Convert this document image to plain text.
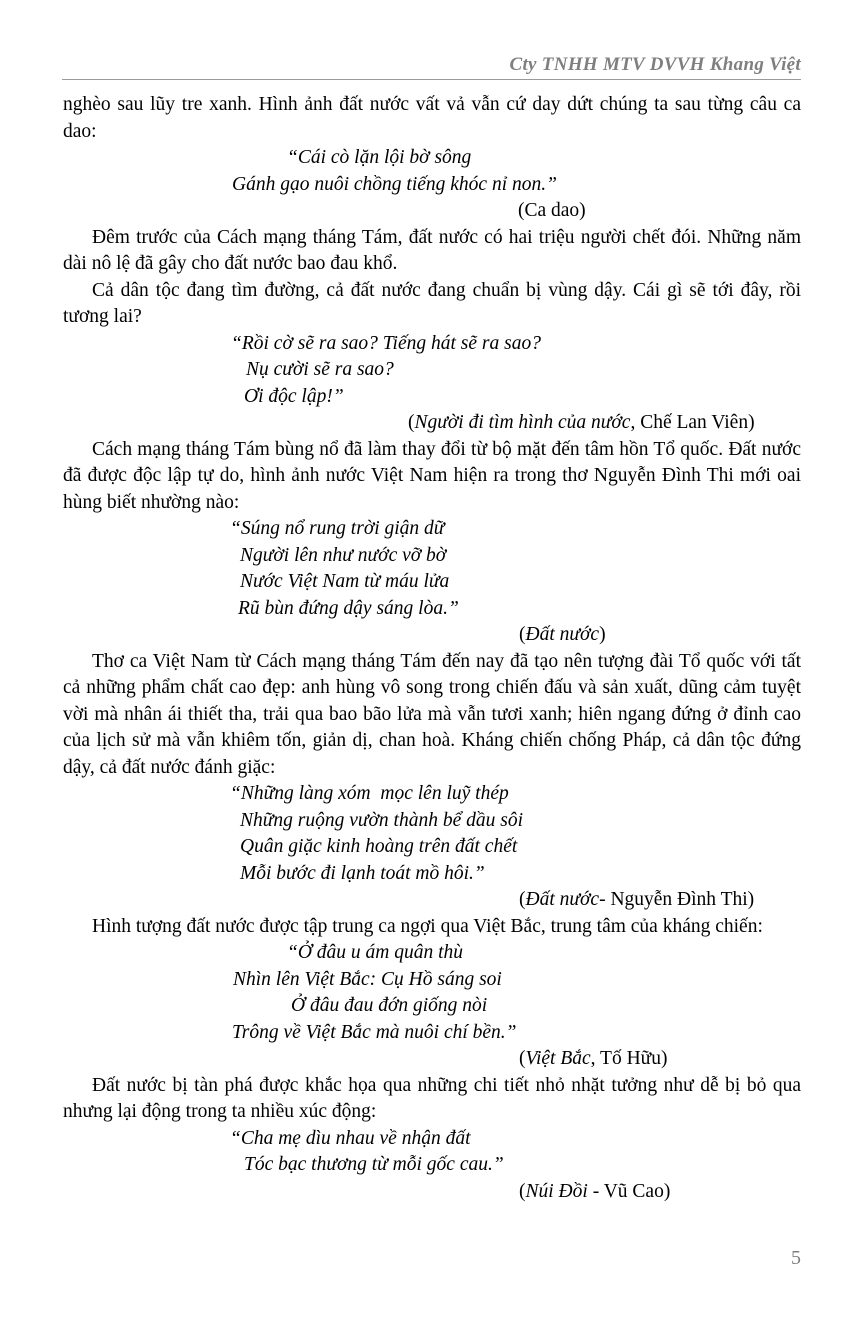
Cty TNHH MTV DVVH Khang Việt

nghèo sau lũy tre xanh. Hình ảnh đất nước vất vả vẫn cứ day dứt chúng ta sau từng câu ca dao:

“Cái cò lặn lội bờ sông
Gánh gạo nuôi chồng tiếng khóc nỉ non.”
(Ca dao)

Đêm trước của Cách mạng tháng Tám, đất nước có hai triệu người chết đói. Những năm dài nô lệ đã gây cho đất nước bao đau khổ.

Cả dân tộc đang tìm đường, cả đất nước đang chuẩn bị vùng dậy. Cái gì sẽ tới đây, rồi tương lai?

“Rồi cờ sẽ ra sao? Tiếng hát sẽ ra sao?
Nụ cười sẽ ra sao?
Ơi độc lập!”
(Người đi tìm hình của nước, Chế Lan Viên)

Cách mạng tháng Tám bùng nổ đã làm thay đổi từ bộ mặt đến tâm hồn Tổ quốc. Đất nước đã được độc lập tự do, hình ảnh nước Việt Nam hiện ra trong thơ Nguyễn Đình Thi mới oai hùng biết nhường nào:

“Súng nổ rung trời giận dữ
Người lên như nước vỡ bờ
Nước Việt Nam từ máu lửa
Rũ bùn đứng dậy sáng lòa.”
(Đất nước)

Thơ ca Việt Nam từ Cách mạng tháng Tám đến nay đã tạo nên tượng đài Tổ quốc với tất cả những phẩm chất cao đẹp: anh hùng vô song trong chiến đấu và sản xuất, dũng cảm tuyệt vời mà nhân ái thiết tha, trải qua bao bão lửa mà vẫn tươi xanh; hiên ngang đứng ở đỉnh cao của lịch sử mà vẫn khiêm tốn, giản dị, chan hoà. Kháng chiến chống Pháp, cả dân tộc đứng dậy, cả đất nước đánh giặc:

“Những làng xóm  mọc lên luỹ thép
Những ruộng vườn thành bể dầu sôi
Quân giặc kinh hoàng trên đất chết
Mỗi bước đi lạnh toát mồ hôi.”
(Đất nước- Nguyễn Đình Thi)

Hình tượng đất nước được tập trung ca ngợi qua Việt Bắc, trung tâm của kháng chiến:

“Ở đâu u ám quân thù
Nhìn lên Việt Bắc: Cụ Hồ sáng soi
Ở đâu đau đớn giống nòi
Trông về Việt Bắc mà nuôi chí bền.”
(Việt Bắc, Tố Hữu)

Đất nước bị tàn phá được khắc họa qua những chi tiết nhỏ nhặt tưởng như dễ bị bỏ qua nhưng lại động trong ta nhiều xúc động:

“Cha mẹ dìu nhau về nhận đất
Tóc bạc thương từ mỗi gốc cau.”
(Núi Đồi - Vũ Cao)
5
